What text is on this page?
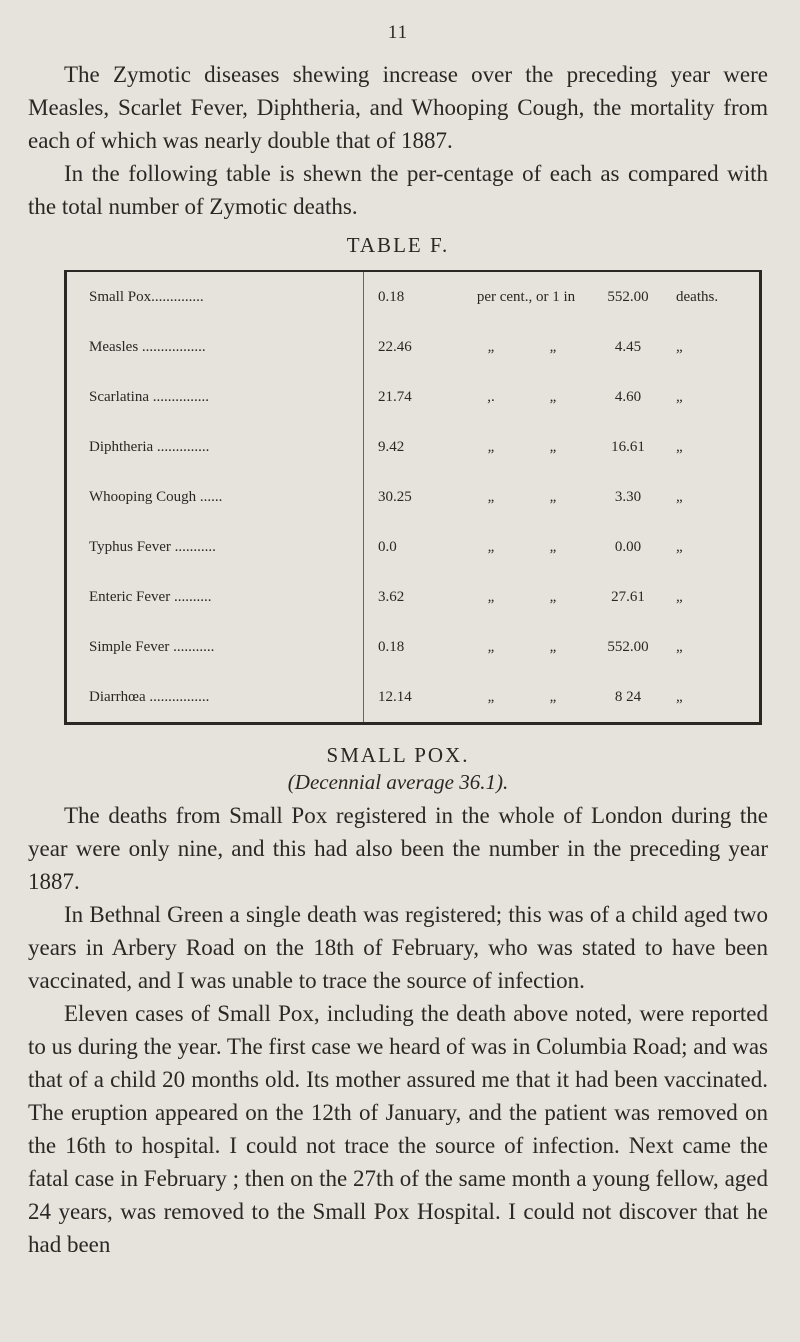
11

The Zymotic diseases shewing increase over the preceding year were Measles, Scarlet Fever, Diphtheria, and Whooping Cough, the mortality from each of which was nearly double that of 1887.

In the following table is shewn the per-centage of each as compared with the total number of Zymotic deaths.

TABLE F.
Small Pox..............	0.18	per cent., or 1 in		552.00	deaths.
Measles .................	22.46	„	„	4.45	„
Scarlatina ...............	21.74	,.	„	4.60	„
Diphtheria ..............	9.42	„	„	16.61	„
Whooping Cough ......	30.25	„	„	3.30	„
Typhus Fever ...........	0.0	„	„	0.00	„
Enteric Fever ..........	3.62	„	„	27.61	„
Simple Fever ...........	0.18	„	„	552.00	„
Diarrhœa ................	12.14	„	„	8 24	„
SMALL POX.
(Decennial average 36.1).

The deaths from Small Pox registered in the whole of London during the year were only nine, and this had also been the number in the preceding year 1887.

In Bethnal Green a single death was registered; this was of a child aged two years in Arbery Road on the 18th of February, who was stated to have been vaccinated, and I was unable to trace the source of infection.

Eleven cases of Small Pox, including the death above noted, were reported to us during the year. The first case we heard of was in Columbia Road; and was that of a child 20 months old. Its mother assured me that it had been vaccinated. The eruption appeared on the 12th of January, and the patient was removed on the 16th to hospital. I could not trace the source of infection. Next came the fatal case in February ; then on the 27th of the same month a young fellow, aged 24 years, was removed to the Small Pox Hospital. I could not discover that he had been
